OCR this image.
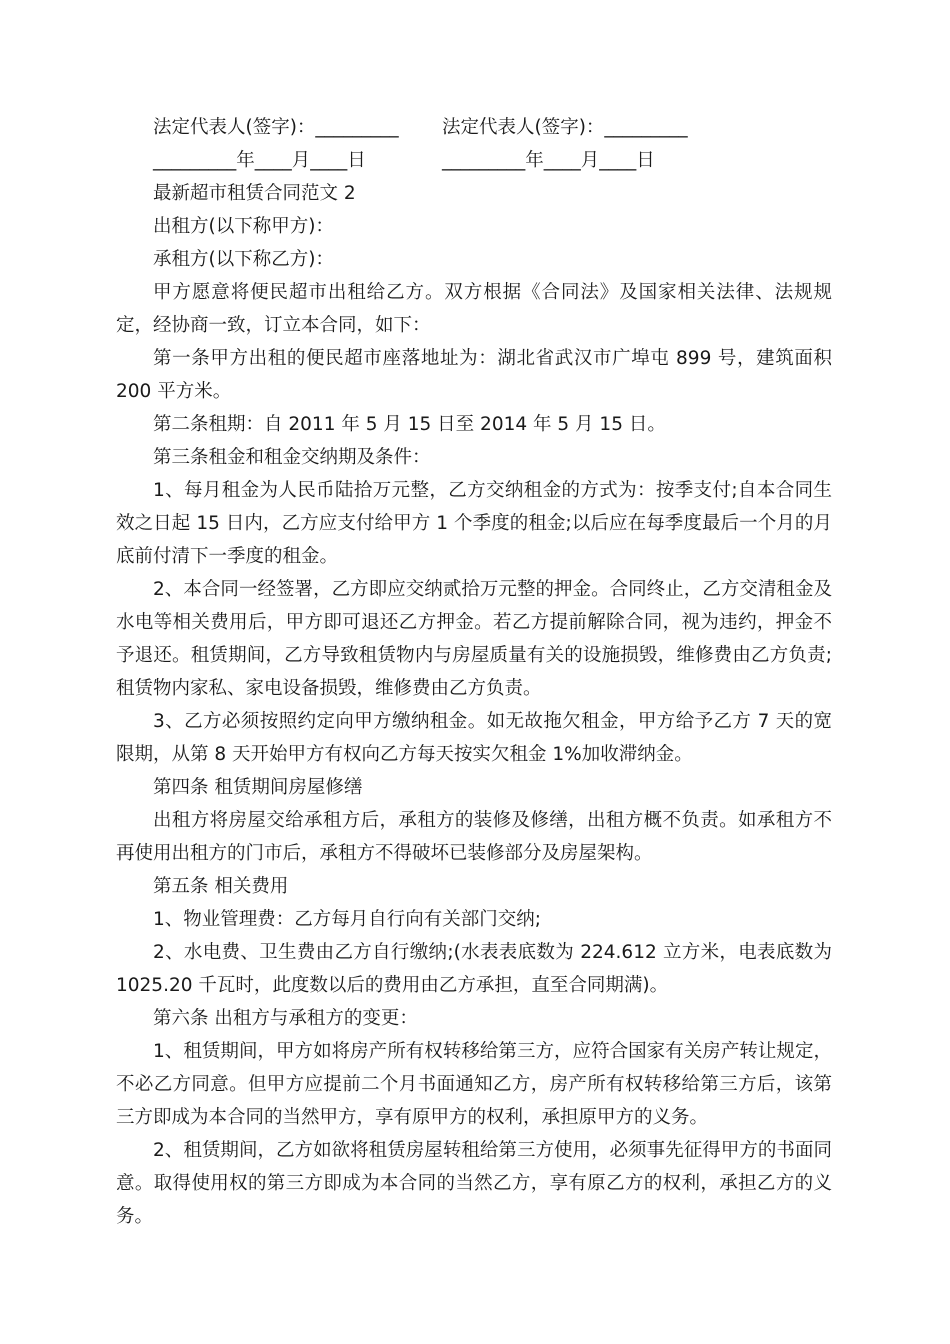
法定代表人(签字)：_________ 法定代表人(签字)：_________
_________年____月____日	_________年____月____日

最新超市租赁合同范文 2

出租方(以下称甲方)：

承租方(以下称乙方)：

甲方愿意将便民超市出租给乙方。双方根据《合同法》及国家相关法律、法规规定，经协商一致，订立本合同，如下：

第一条甲方出租的便民超市座落地址为：湖北省武汉市广埠屯 899 号，建筑面积 200 平方米。

第二条租期：自 2011 年 5 月 15 日至 2014 年 5 月 15 日。

第三条租金和租金交纳期及条件：

1、每月租金为人民币陆拾万元整，乙方交纳租金的方式为：按季支付;自本合同生效之日起 15 日内，乙方应支付给甲方 1 个季度的租金;以后应在每季度最后一个月的月底前付清下一季度的租金。

2、本合同一经签署，乙方即应交纳贰拾万元整的押金。合同终止，乙方交清租金及水电等相关费用后，甲方即可退还乙方押金。若乙方提前解除合同，视为违约，押金不予退还。租赁期间，乙方导致租赁物内与房屋质量有关的设施损毁，维修费由乙方负责;租赁物内家私、家电设备损毁，维修费由乙方负责。

3、乙方必须按照约定向甲方缴纳租金。如无故拖欠租金，甲方给予乙方 7 天的宽限期，从第 8 天开始甲方有权向乙方每天按实欠租金 1%加收滞纳金。

第四条 租赁期间房屋修缮

出租方将房屋交给承租方后，承租方的装修及修缮，出租方概不负责。如承租方不再使用出租方的门市后，承租方不得破坏已装修部分及房屋架构。

第五条 相关费用

1、物业管理费：乙方每月自行向有关部门交纳;

2、水电费、卫生费由乙方自行缴纳;(水表表底数为 224.612 立方米，电表底数为 1025.20 千瓦时，此度数以后的费用由乙方承担，直至合同期满)。

第六条 出租方与承租方的变更：

1、租赁期间，甲方如将房产所有权转移给第三方，应符合国家有关房产转让规定，不必乙方同意。但甲方应提前二个月书面通知乙方，房产所有权转移给第三方后，该第三方即成为本合同的当然甲方，享有原甲方的权利，承担原甲方的义务。

2、租赁期间，乙方如欲将租赁房屋转租给第三方使用，必须事先征得甲方的书面同意。取得使用权的第三方即成为本合同的当然乙方，享有原乙方的权利，承担乙方的义务。
